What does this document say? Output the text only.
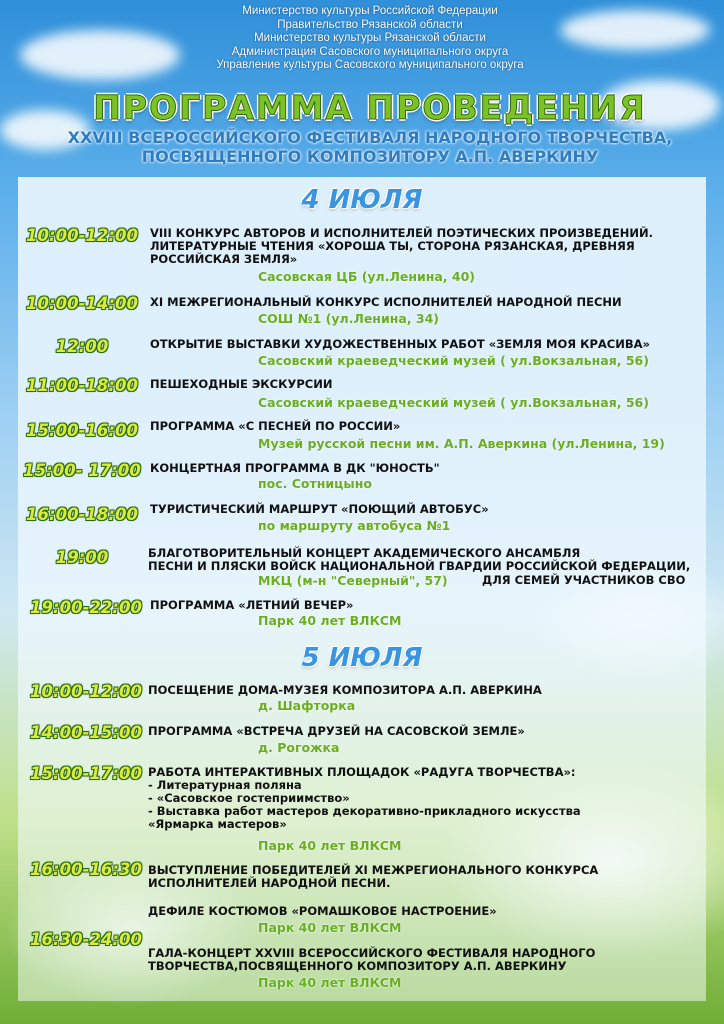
Министерство культуры Российской Федерации
Правительство Рязанской области
Министерство культуры Рязанской области
Администрация Сасовского муниципального округа
Управление культуры Сасовского муниципального округа
ПРОГРАММА ПРОВЕДЕНИЯ
XXVIII ВСЕРОССИЙСКОГО ФЕСТИВАЛЯ НАРОДНОГО ТВОРЧЕСТВА,
ПОСВЯЩЕННОГО КОМПОЗИТОРУ А.П. АВЕРКИНУ
4 ИЮЛЯ
10:00-12:00	VIII КОНКУРС АВТОРОВ И ИСПОЛНИТЕЛЕЙ ПОЭТИЧЕСКИХ ПРОИЗВЕДЕНИЙ.
ЛИТЕРАТУРНЫЕ ЧТЕНИЯ «ХОРОША ТЫ, СТОРОНА РЯЗАНСКАЯ, ДРЕВНЯЯ
РОССИЙСКАЯ ЗЕМЛЯ»
Сасовская ЦБ (ул.Ленина, 40)
10:00-14:00	XI МЕЖРЕГИОНАЛЬНЫЙ КОНКУРС ИСПОЛНИТЕЛЕЙ НАРОДНОЙ ПЕСНИ
СОШ №1 (ул.Ленина, 34)
12:00	ОТКРЫТИЕ ВЫСТАВКИ ХУДОЖЕСТВЕННЫХ РАБОТ «ЗЕМЛЯ МОЯ КРАСИВА»
Сасовский краеведческий музей ( ул.Вокзальная, 56)
11:00-18:00	ПЕШЕХОДНЫЕ ЭКСКУРСИИ
Сасовский краеведческий музей ( ул.Вокзальная, 56)
15:00-16:00	ПРОГРАММА «С ПЕСНЕЙ ПО РОССИИ»
Музей русской песни им. А.П. Аверкина (ул.Ленина, 19)
15:00- 17:00 КОНЦЕРТНАЯ ПРОГРАММА В ДК "ЮНОСТЬ"
пос. Сотницыно
16:00-18:00	ТУРИСТИЧЕСКИЙ МАРШРУТ «ПОЮЩИЙ АВТОБУС»
по маршруту автобуса №1
19:00	БЛАГОТВОРИТЕЛЬНЫЙ КОНЦЕРТ АКАДЕМИЧЕСКОГО АНСАМБЛЯ
ПЕСНИ И ПЛЯСКИ ВОЙСК НАЦИОНАЛЬНОЙ ГВАРДИИ РОССИЙСКОЙ ФЕДЕРАЦИИ,
МКЦ (м-н "Северный", 57)	ДЛЯ СЕМЕЙ УЧАСТНИКОВ СВО
19:00-22:00 ПРОГРАММА «ЛЕТНИЙ ВЕЧЕР»
Парк 40 лет ВЛКСМ
5 ИЮЛЯ
10:00-12:00 ПОСЕЩЕНИЕ ДОМА-МУЗЕЯ КОМПОЗИТОРА А.П. АВЕРКИНА
д. Шафторка
14:00-15:00 ПРОГРАММА «ВСТРЕЧА ДРУЗЕЙ НА САСОВСКОЙ ЗЕМЛЕ»
д. Рогожка
15:00-17:00 РАБОТА ИНТЕРАКТИВНЫХ ПЛОЩАДОК «РАДУГА ТВОРЧЕСТВА»:
- Литературная поляна
- «Сасовское гостеприимство»
- Выставка работ мастеров декоративно-прикладного искусства
«Ярмарка мастеров»
Парк 40 лет ВЛКСМ
16:00-16:30 ВЫСТУПЛЕНИЕ ПОБЕДИТЕЛЕЙ XI МЕЖРЕГИОНАЛЬНОГО КОНКУРСА
ИСПОЛНИТЕЛЕЙ НАРОДНОЙ ПЕСНИ.
ДЕФИЛЕ КОСТЮМОВ «РОМАШКОВОЕ НАСТРОЕНИЕ»
Парк 40 лет ВЛКСМ
16:30-24:00
ГАЛА-КОНЦЕРТ XXVIII ВСЕРОССИЙСКОГО ФЕСТИВАЛЯ НАРОДНОГО
ТВОРЧЕСТВА,ПОСВЯЩЕННОГО КОМПОЗИТОРУ А.П. АВЕРКИНУ
Парк 40 лет ВЛКСМ
